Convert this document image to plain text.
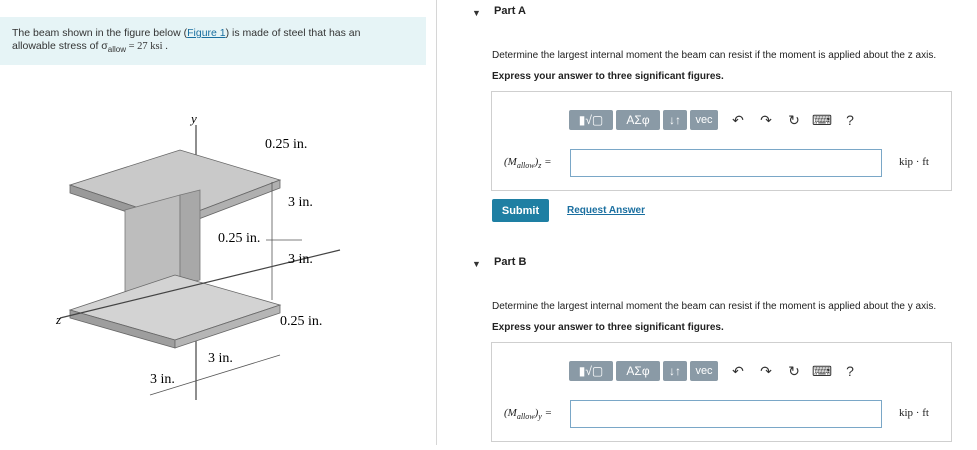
The beam shown in the figure below (Figure 1) is made of steel that has an
allowable stress of $\sigma_{allow} = 27$ ksi .
0.25 in.
3 in.
0.25 in.
3 in.
0.25 in.
3 in.
3 in.
y
z
▼ Part A
Determine the largest internal moment the beam can resist if the moment is applied about the z axis.
Express your answer to three significant figures.
▮√▢	ΑΣφ	↓↑	vec	↶	↷	↻ ⌨ ?
$(M_{allow})_z$ =	kip · ft
Submit	Request Answer
▼ Part B
Determine the largest internal moment the beam can resist if the moment is applied about the y axis.
Express your answer to three significant figures.
▮√▢	ΑΣφ	↓↑	vec	↶	↷	↻ ⌨ ?
$(M_{allow})_y$ =	kip · ft
